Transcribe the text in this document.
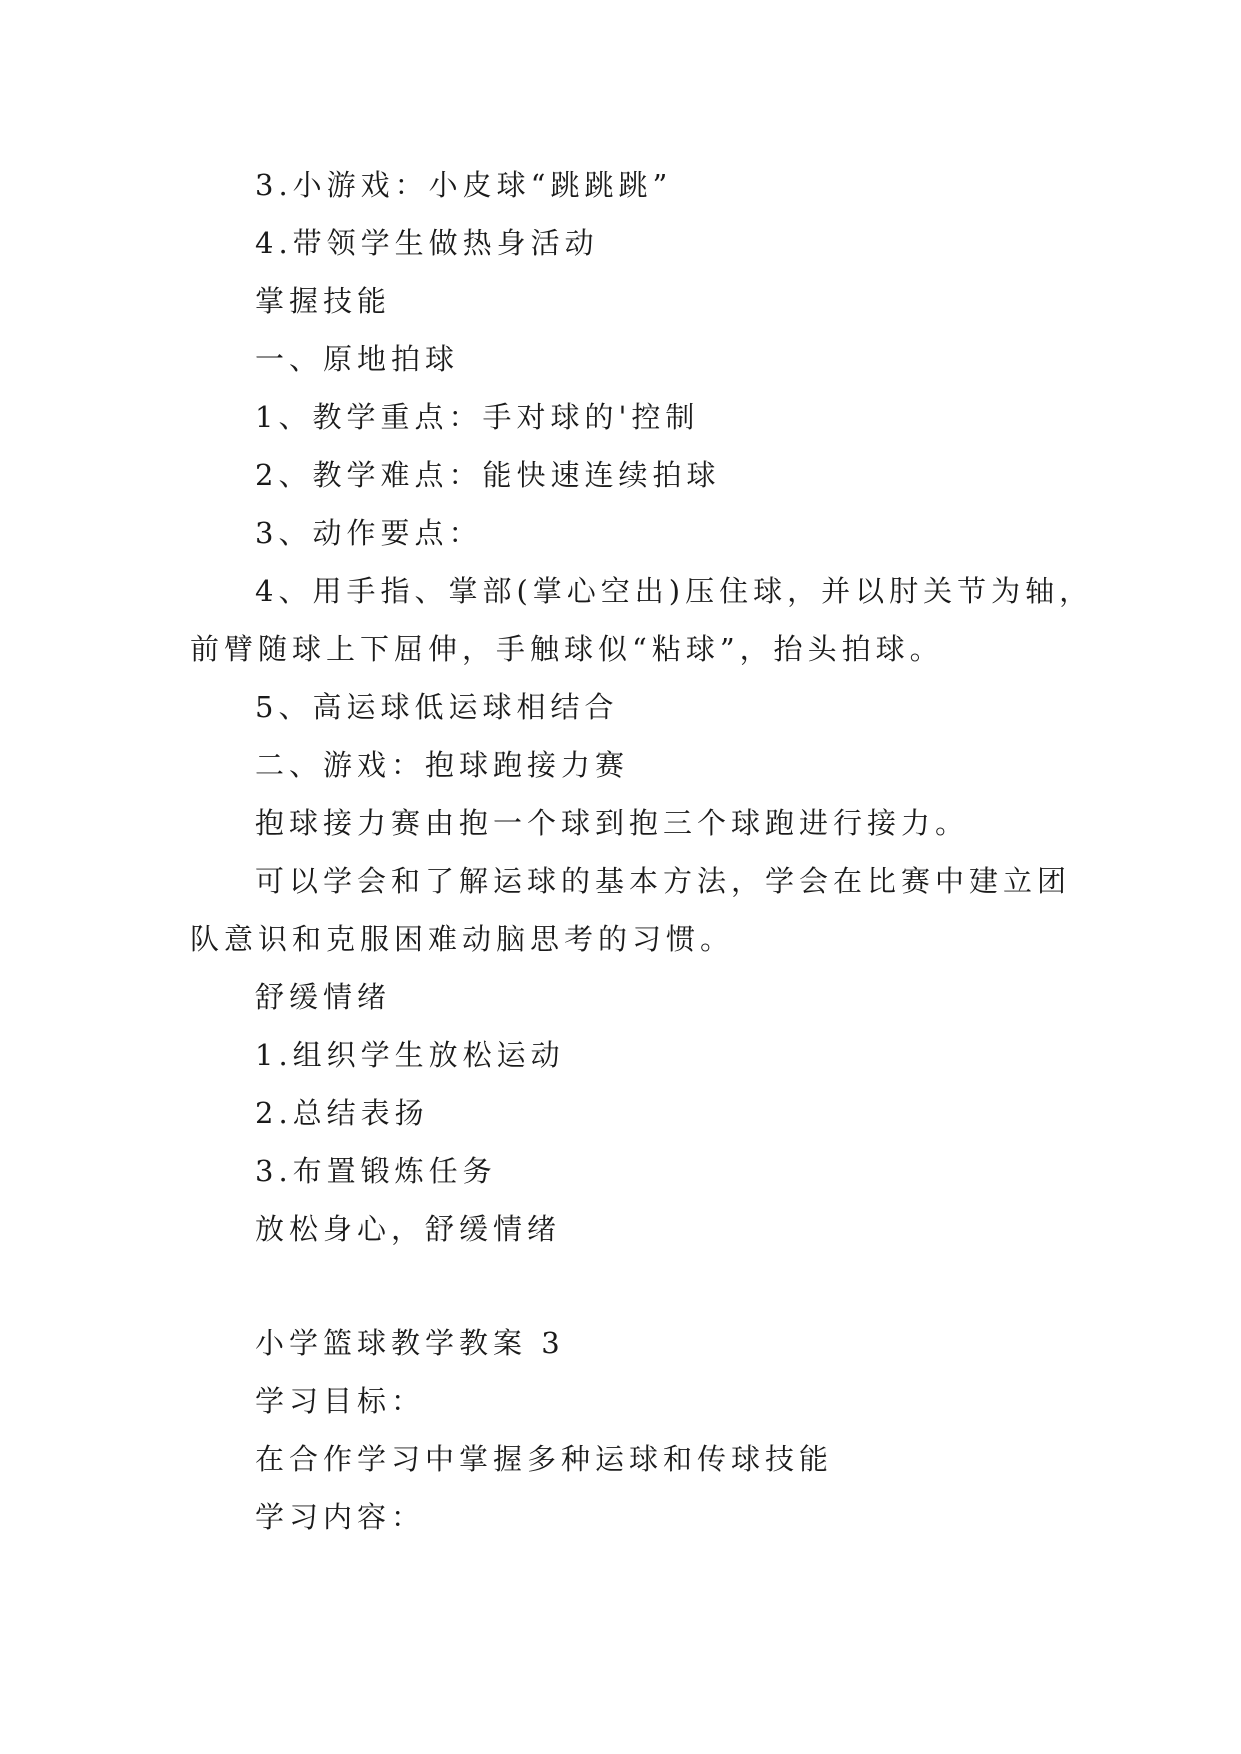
3.小游戏：小皮球“跳跳跳”
4.带领学生做热身活动
掌握技能
一、原地拍球
1、教学重点：手对球的'控制
2、教学难点：能快速连续拍球
3、动作要点：
4、用手指、掌部(掌心空出)压住球，并以肘关节为轴，
前臂随球上下屈伸，手触球似“粘球”，抬头拍球。
5、高运球低运球相结合
二、游戏：抱球跑接力赛
抱球接力赛由抱一个球到抱三个球跑进行接力。
可以学会和了解运球的基本方法，学会在比赛中建立团
队意识和克服困难动脑思考的习惯。
舒缓情绪
1.组织学生放松运动
2.总结表扬
3.布置锻炼任务
放松身心，舒缓情绪
小学篮球教学教案 3
学习目标：
在合作学习中掌握多种运球和传球技能
学习内容：
